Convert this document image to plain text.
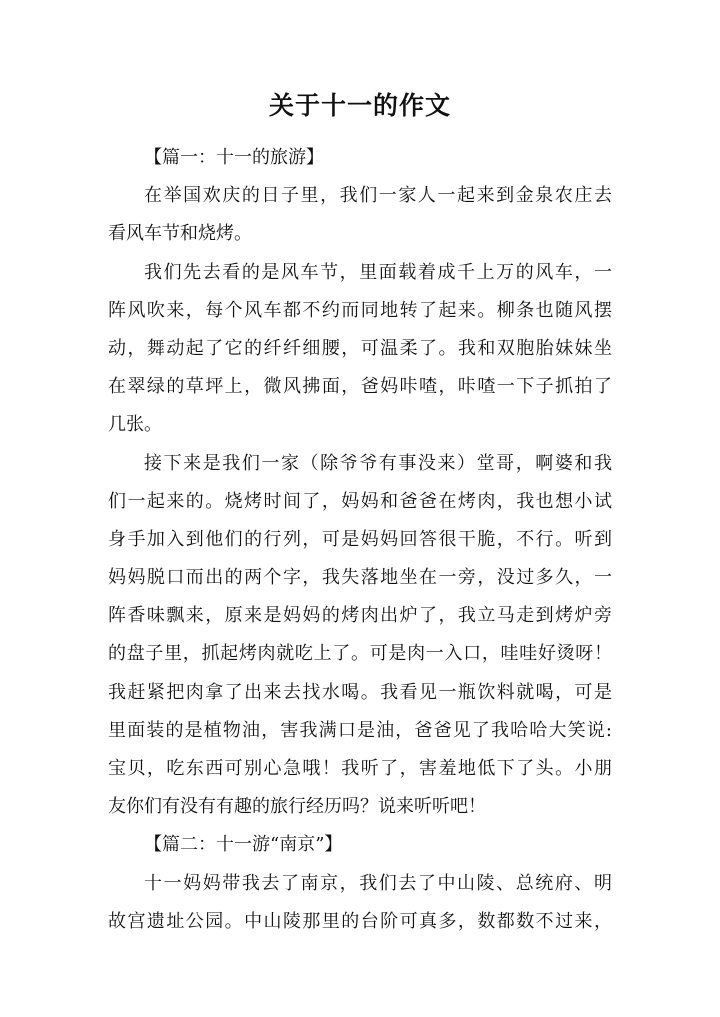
关于十一的作文
【篇一：十一的旅游】
在举国欢庆的日子里，我们一家人一起来到金泉农庄去
看风车节和烧烤。
我们先去看的是风车节，里面载着成千上万的风车，一
阵风吹来，每个风车都不约而同地转了起来。柳条也随风摆
动，舞动起了它的纤纤细腰，可温柔了。我和双胞胎妹妹坐
在翠绿的草坪上，微风拂面，爸妈咔喳，咔喳一下子抓拍了
几张。
接下来是我们一家（除爷爷有事没来）堂哥，啊婆和我
们一起来的。烧烤时间了，妈妈和爸爸在烤肉，我也想小试
身手加入到他们的行列，可是妈妈回答很干脆，不行。听到
妈妈脱口而出的两个字，我失落地坐在一旁，没过多久，一
阵香味飘来，原来是妈妈的烤肉出炉了，我立马走到烤炉旁
的盘子里，抓起烤肉就吃上了。可是肉一入口，哇哇好烫呀！
我赶紧把肉拿了出来去找水喝。我看见一瓶饮料就喝，可是
里面装的是植物油，害我满口是油，爸爸见了我哈哈大笑说:
宝贝，吃东西可别心急哦！我听了，害羞地低下了头。小朋
友你们有没有有趣的旅行经历吗？说来听听吧！
【篇二：十一游“南京”】
十一妈妈带我去了南京，我们去了中山陵、总统府、明
故宫遗址公园。中山陵那里的台阶可真多，数都数不过来，
